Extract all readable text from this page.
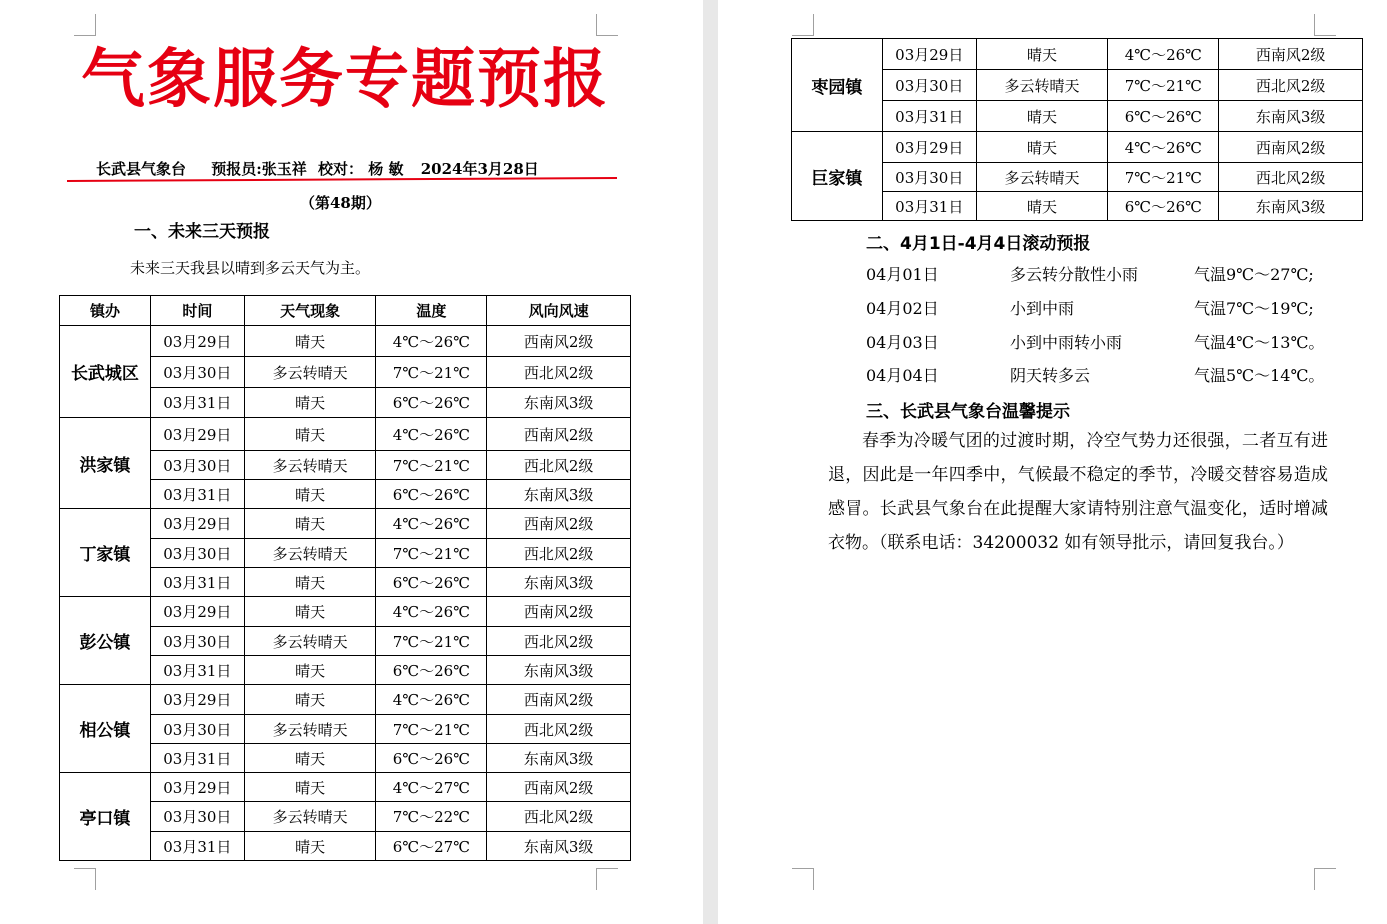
气象服务专题预报
长武县气象台 预报员:张玉祥 校对： 杨 敏 2024年3月28日
（第48期）
一、未来三天预报
未来三天我县以晴到多云天气为主。
镇办	时间	天气现象	温度	风向风速
长武城区	03月29日	晴天	4℃～26℃	西南风2级
	03月30日	多云转晴天	7℃～21℃	西北风2级
	03月31日	晴天	6℃～26℃	东南风3级
洪家镇	03月29日	晴天	4℃～26℃	西南风2级
	03月30日	多云转晴天	7℃～21℃	西北风2级
	03月31日	晴天	6℃～26℃	东南风3级
丁家镇	03月29日	晴天	4℃～26℃	西南风2级
	03月30日	多云转晴天	7℃～21℃	西北风2级
	03月31日	晴天	6℃～26℃	东南风3级
彭公镇	03月29日	晴天	4℃～26℃	西南风2级
	03月30日	多云转晴天	7℃～21℃	西北风2级
	03月31日	晴天	6℃～26℃	东南风3级
相公镇	03月29日	晴天	4℃～26℃	西南风2级
	03月30日	多云转晴天	7℃～21℃	西北风2级
	03月31日	晴天	6℃～26℃	东南风3级
亭口镇	03月29日	晴天	4℃～27℃	西南风2级
	03月30日	多云转晴天	7℃～22℃	西北风2级
	03月31日	晴天	6℃～27℃	东南风3级
枣园镇	03月29日	晴天	4℃～26℃	西南风2级
	03月30日	多云转晴天	7℃～21℃	西北风2级
	03月31日	晴天	6℃～26℃	东南风3级
巨家镇	03月29日	晴天	4℃～26℃	西南风2级
	03月30日	多云转晴天	7℃～21℃	西北风2级
	03月31日	晴天	6℃～26℃	东南风3级
二、4月1日-4月4日滚动预报
04月01日	多云转分散性小雨	气温9℃～27℃;
04月02日	小到中雨	气温7℃～19℃;
04月03日	小到中雨转小雨	气温4℃～13℃。
04月04日	阴天转多云	气温5℃～14℃。
三、长武县气象台温馨提示

春季为冷暖气团的过渡时期，冷空气势力还很强，二者互有进退，因此是一年四季中，气候最不稳定的季节，冷暖交替容易造成感冒。长武县气象台在此提醒大家请特别注意气温变化，适时增减衣物。（联系电话：34200032 如有领导批示，请回复我台。）
